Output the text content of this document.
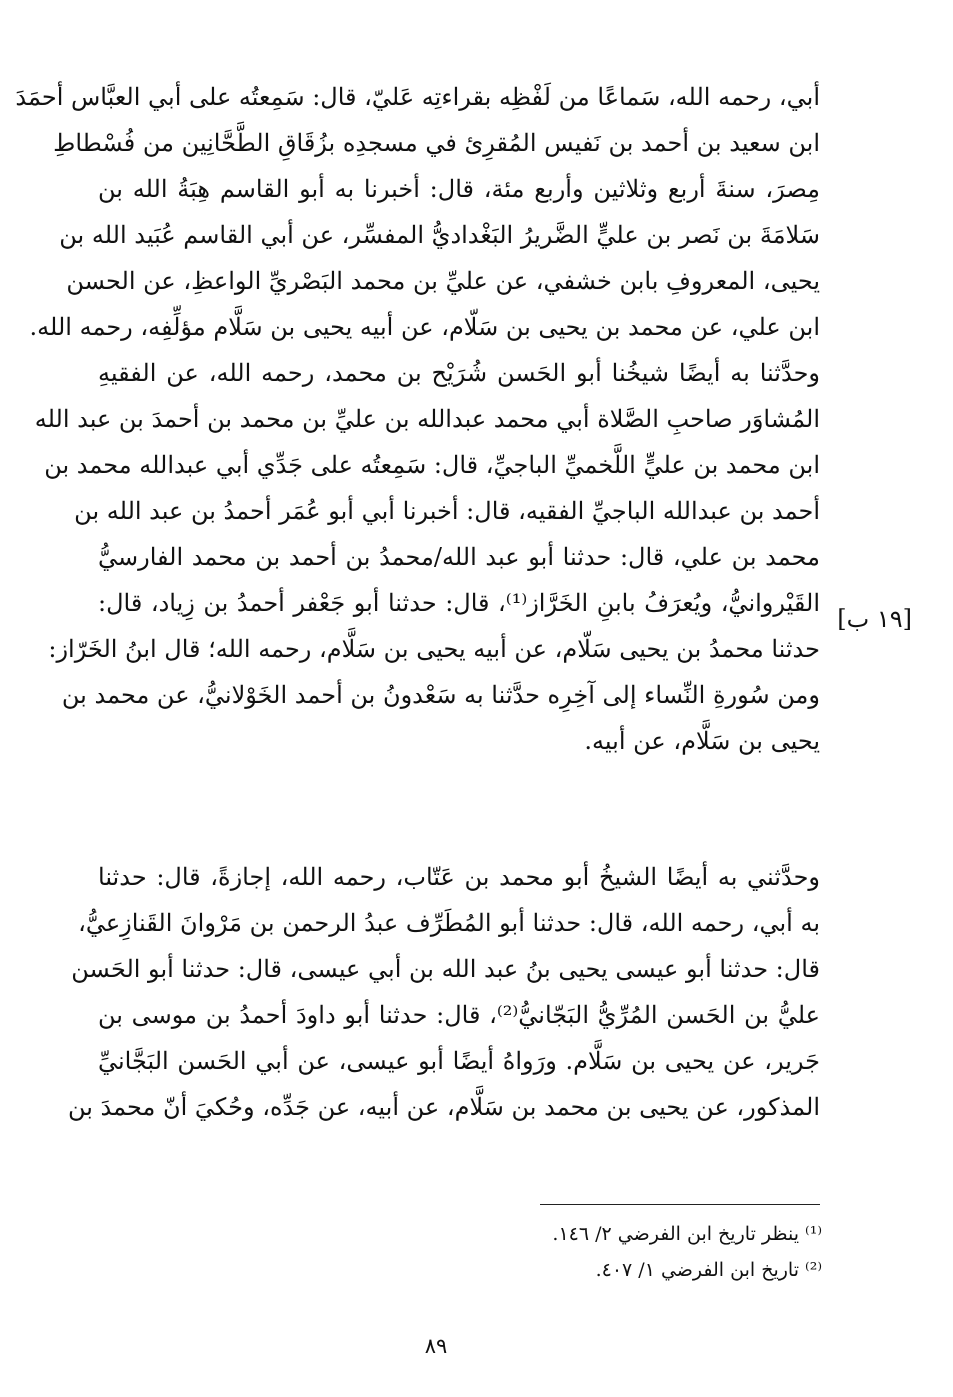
أبي، رحمه الله، سَماعًا من لَفْظِه بقراءتِه عَليّ، قال: سَمِعتُه على أبي العبَّاس أحمَدَ
ابن سعيد بن أحمد بن نَفيس المُقرِئ في مسجدِه بزُقَاقِ الطَّحَّانِين من فُسْطاطِ
مِصرَ، سنةَ أربع وثلاثين وأربع مئة، قال: أخبرنا به أبو القاسم هِبَةُ الله بن
سَلامَةَ بن نَصر بن عليٍّ الضَّريرُ البَغْداديُّ المفسِّر، عن أبي القاسم عُبَيد الله بن
يحيى، المعروفِ بابن خشفي، عن عليِّ بن محمد البَصْريِّ الواعظِ، عن الحسن
ابن علي، عن محمد بن يحيى بن سَلّام، عن أبيه يحيى بن سَلَّام مؤلِّفِه، رحمه الله.
وحدَّثنا به أيضًا شيخُنا أبو الحَسن شُرَيْح بن محمد، رحمه الله، عن الفقيهِ
المُشاوَر صاحبِ الصَّلاة أبي محمد عبدالله بن عليِّ بن محمد بن أحمدَ بن عبد الله
ابن محمد بن عليٍّ اللَّخميِّ الباجيِّ، قال: سَمِعتُه على جَدِّي أبي عبدالله محمد بن
أحمد بن عبدالله الباجيِّ الفقيه، قال: أخبرنا أبي أبو عُمَر أحمدُ بن عبد الله بن
محمد بن علي، قال: حدثنا أبو عبد الله/محمدُ بن أحمد بن محمد الفارسيُّ
القَيْروانيُّ، ويُعرَفُ بابنِ الخَرَّاز⁽¹⁾، قال: حدثنا أبو جَعْفر أحمدُ بن زِياد، قال:
حدثنا محمدُ بن يحيى سَلّام، عن أبيه يحيى بن سَلَّام، رحمه الله؛ قال ابنُ الخَرّاز:
ومن سُورةِ النِّساء إلى آخِرِه حدَّثنا به سَعْدونُ بن أحمد الخَوْلانيُّ، عن محمد بن
يحيى بن سَلَّام، عن أبيه.
[١٩ ب]
وحدَّثني به أيضًا الشيخُ أبو محمد بن عَتّاب، رحمه الله، إجازةً، قال: حدثنا
به أبي، رحمه الله، قال: حدثنا أبو المُطَرِّف عبدُ الرحمن بن مَرْوانَ القَنازِعيُّ،
قال: حدثنا أبو عيسى يحيى بنُ عبد الله بن أبي عيسى، قال: حدثنا أبو الحَسن
عليُّ بن الحَسن المُرِّيُّ البَجّانيُّ⁽²⁾، قال: حدثنا أبو داودَ أحمدُ بن موسى بن
جَرير، عن يحيى بن سَلَّام. ورَواهُ أيضًا أبو عيسى، عن أبي الحَسن البَجَّانيِّ
المذكور، عن يحيى بن محمد بن سَلَّام، عن أبيه، عن جَدِّه، وحُكيَ أنّ محمدَ بن
⁽¹⁾ ينظر تاريخ ابن الفرضي ٢/ ١٤٦.
⁽²⁾ تاريخ ابن الفرضي ١/ ٤٠٧.
٨٩
